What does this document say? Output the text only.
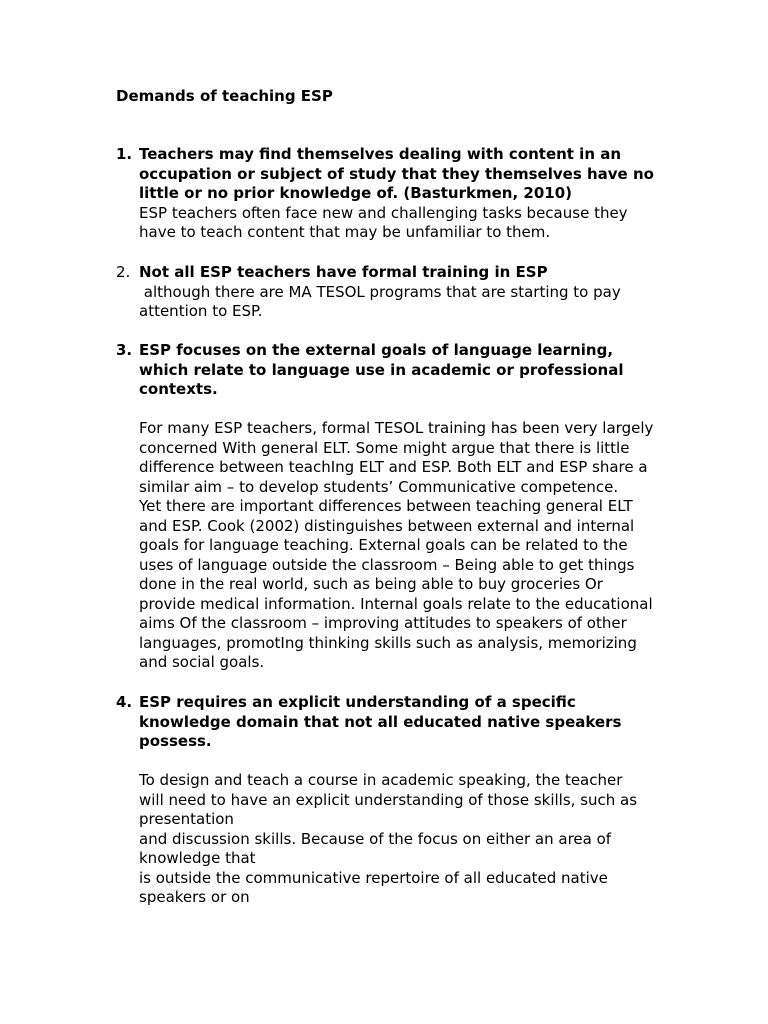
Demands of teaching ESP
1. Teachers may find themselves dealing with content in an
occupation or subject of study that they themselves have no
little or no prior knowledge of. (Basturkmen, 2010)
ESP teachers often face new and challenging tasks because they
have to teach content that may be unfamiliar to them.
2. Not all ESP teachers have formal training in ESP
although there are MA TESOL programs that are starting to pay
attention to ESP.
3. ESP focuses on the external goals of language learning,
which relate to language use in academic or professional
contexts.
For many ESP teachers, formal TESOL training has been very largely
concerned With general ELT. Some might argue that there is little
difference between teachIng ELT and ESP. Both ELT and ESP share a
similar aim – to develop students’ Communicative competence.
Yet there are important differences between teaching general ELT
and ESP. Cook (2002) distinguishes between external and internal
goals for language teaching. External goals can be related to the
uses of language outside the classroom – Being able to get things
done in the real world, such as being able to buy groceries Or
provide medical information. Internal goals relate to the educational
aims Of the classroom – improving attitudes to speakers of other
languages, promotIng thinking skills such as analysis, memorizing
and social goals.
4. ESP requires an explicit understanding of a specific
knowledge domain that not all educated native speakers
possess.
To design and teach a course in academic speaking, the teacher
will need to have an explicit understanding of those skills, such as
presentation
and discussion skills. Because of the focus on either an area of
knowledge that
is outside the communicative repertoire of all educated native
speakers or on
